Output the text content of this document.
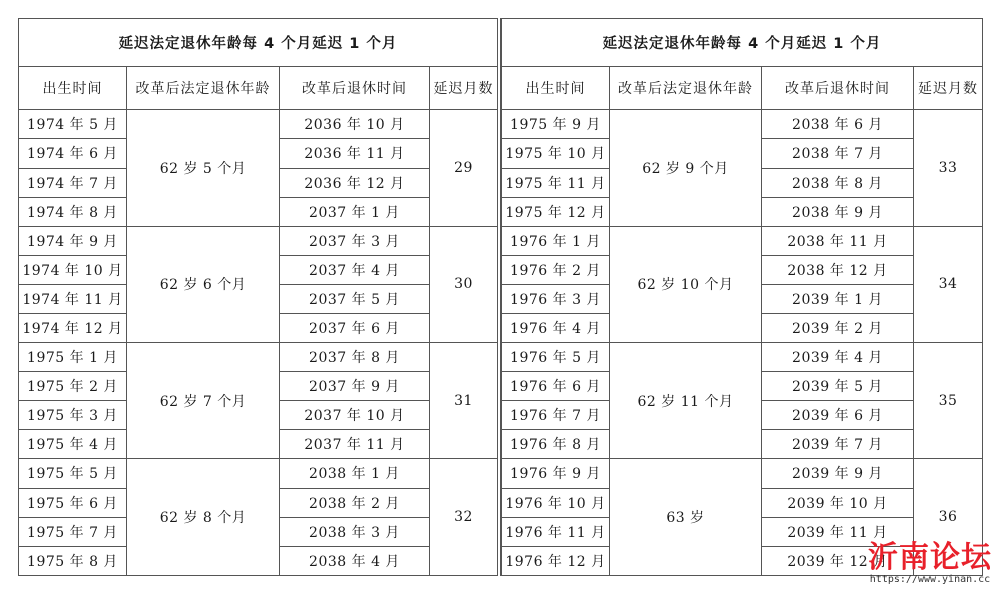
延迟法定退休年龄每 4 个月延迟 1 个月			
出生时间	改革后法定退休年龄	改革后退休时间	延迟月数
1974 年 5 月	62 岁 5 个月	2036 年 10 月	29
1974 年 6 月		2036 年 11 月	
1974 年 7 月		2036 年 12 月	
1974 年 8 月		2037 年 1 月	
1974 年 9 月	62 岁 6 个月	2037 年 3 月	30
1974 年 10 月		2037 年 4 月	
1974 年 11 月		2037 年 5 月	
1974 年 12 月		2037 年 6 月	
1975 年 1 月	62 岁 7 个月	2037 年 8 月	31
1975 年 2 月		2037 年 9 月	
1975 年 3 月		2037 年 10 月	
1975 年 4 月		2037 年 11 月	
1975 年 5 月	62 岁 8 个月	2038 年 1 月	32
1975 年 6 月		2038 年 2 月	
1975 年 7 月		2038 年 3 月	
1975 年 8 月		2038 年 4 月	
延迟法定退休年龄每 4 个月延迟 1 个月			
出生时间	改革后法定退休年龄	改革后退休时间	延迟月数
1975 年 9 月	62 岁 9 个月	2038 年 6 月	33
1975 年 10 月		2038 年 7 月	
1975 年 11 月		2038 年 8 月	
1975 年 12 月		2038 年 9 月	
1976 年 1 月	62 岁 10 个月	2038 年 11 月	34
1976 年 2 月		2038 年 12 月	
1976 年 3 月		2039 年 1 月	
1976 年 4 月		2039 年 2 月	
1976 年 5 月	62 岁 11 个月	2039 年 4 月	35
1976 年 6 月		2039 年 5 月	
1976 年 7 月		2039 年 6 月	
1976 年 8 月		2039 年 7 月	
1976 年 9 月	63 岁	2039 年 9 月	36
1976 年 10 月		2039 年 10 月	
1976 年 11 月		2039 年 11 月	
1976 年 12 月		2039 年 12 月	
沂南论坛
https://www.yinan.cc
